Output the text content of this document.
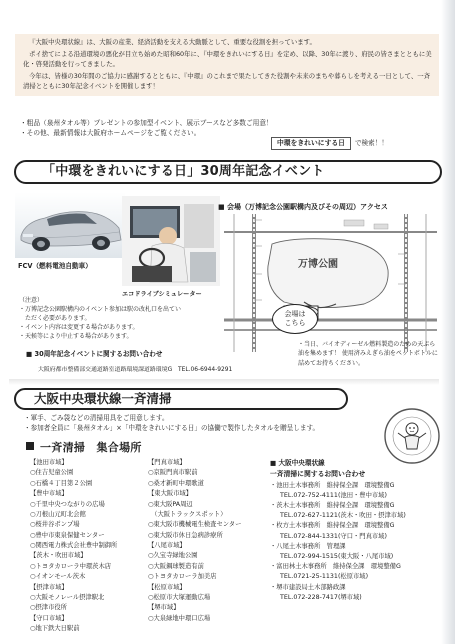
『大阪中央環状線』は、大阪の産業、経済活動を支える大動脈として、重要な役割を担っています。

ポイ捨てによる沿道環境の悪化が目立ち始めた昭和60年に、『中環をきれいにする日』を定め、以降、30年に渡り、府民の皆さまとともに美化・啓発活動を行ってきました。

今年は、皆様の30年間のご協力に感謝するとともに、『中環』のこれまで果たしてきた役割や未来のまちや暮らしを考える一日として、一斉清掃とともに30年記念イベントを開催します！

・粗品（泉州タオル等）プレゼントの参加型イベント、展示ブースなど多数ご用意！
・その他、最新情報は大阪府ホームページをご覧ください。
中環をきれいにする日	で検索！！
「中環をきれいにする日」30周年記念イベント
FCV（燃料電池自動車）
エコドライブシミュレーター
■ 会場（万博記念公園駅構内及びその周辺）アクセス
万博公園
会場は
こちら
（注意）
・万博記念公園駅構内のイベント参加は駅の改札口を出てい
　ただく必要があります。
・イベント内容は変更する場合があります。
・天候等により中止する場合があります。
・当日、バイオディーゼル燃料製造のための天ぷら油を集めます！ 使用済みえぎら油をペットボトルに詰めてお持ちください。
■ 30周年記念イベントに関するお問い合わせ
大阪府都市整備部交通道路室道路環境課道路環境G　TEL.06-6944-9291
大阪中央環状線一斉清掃
・軍手、ごみ袋などの清掃用具をご用意します。
・参加者全員に「泉州タオル」×「中環をきれいにする日」の協働で製作したタオルを贈呈します。
一斉清掃　集合場所
【池田市域】
○住吉児童公園
○石橋４丁目第２公園
【豊中市域】
○千里中央つながりの広場
○刀根山元町北会館
○桜井谷ポンプ場
○豊中市東泉保健センター
○関西電力株式会社豊中制御所
【茨木・吹田市域】
○トヨタカローラ中環茨木店
○イオンモール茨木
【摂津市域】
○大阪モノレール摂津駅北
○摂津市役所
【守口市域】
○地下鉄大日駅前
【門真市域】
○京阪門真市駅前
○桑才新町中環歌道
【東大阪市域】
○東大阪PA周辺
　（大阪トラックスポット）
○東大阪市機械電生検査センター
○東大阪市休日急病診療所
【八尾市域】
○久宝寺緑地公園
○大阪鋼球製造有前
○トヨタカローラ加美店
【松原市域】
○松原市大塚運動広場
【堺市域】
○大泉緑地中環口広場
■ 大阪中央環状線
一斉清掃に関するお問い合わせ
・池田土木事務所　維持保全課　環境整備G
TEL.072-752-4111(池田・豊中市域)
・茨木土木事務所　維持保全課　環境整備G
TEL.072-627-1121(茨木・吹田・摂津市域)
・枚方土木事務所　維持保全課　環境整備G
TEL.072-844-1331(守口・門真市域)
・八尾土木事務所　管理課
TEL.072-994-1515(東大阪・八尾市域)
・富田林土木事務所　維持保全課　環境整備G
TEL.0721-25-1131(松原市域)
・堺市建設局土木部路政課
TEL.072-228-7417(堺市域)
